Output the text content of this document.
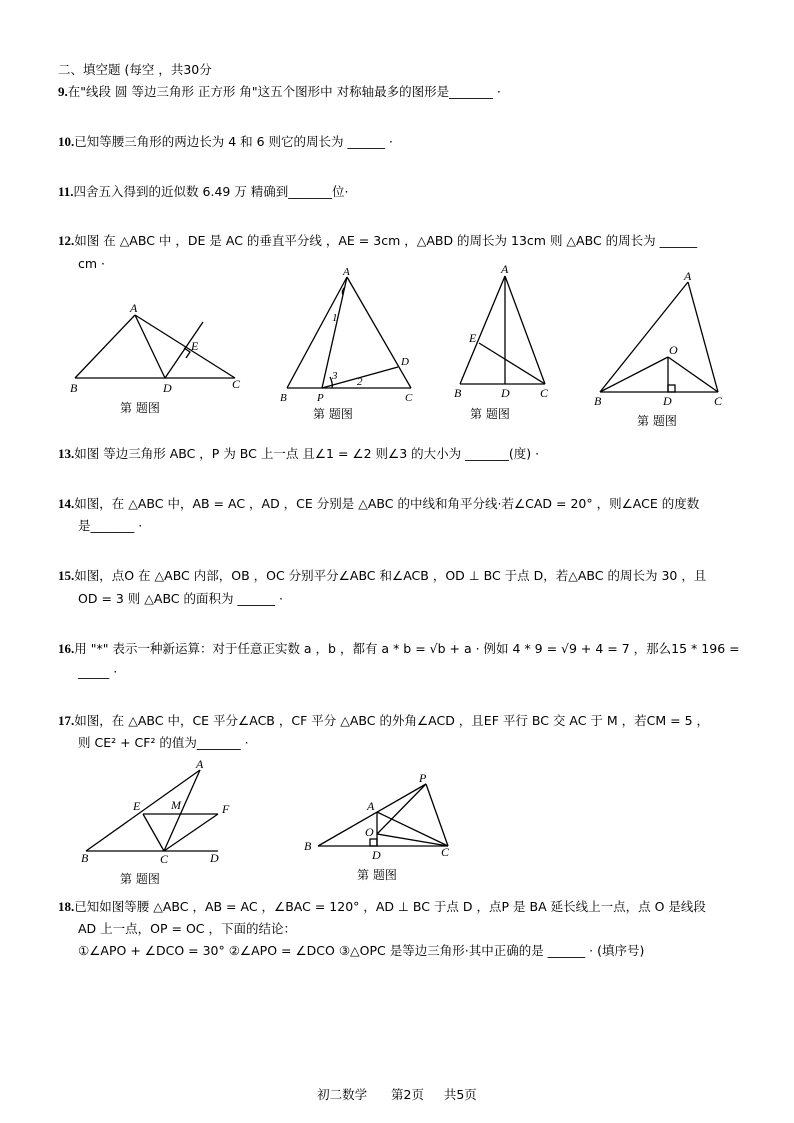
二、填空题 (每空 ，共30分
9.在"线段 圆 等边三角形 正方形 角"这五个图形中 对称轴最多的图形是_______ ·
10.已知等腰三角形的两边长为 4 和 6 则它的周长为 ______ ·
11.四舍五入得到的近似数 6.49 万 精确到_______位·
12.如图 在 △ABC 中 ，DE 是 AC 的垂直平分线 ，AE = 3cm ，△ABD 的周长为 13cm 则 △ABC 的周长为 ______
cm ·
A
B	C
D
E
第 题图
A
B	C
D
P
1
2
3
第 题图
A
B	C
D
E
第 题图
A
B	C
D
O
第 题图
13.如图 等边三角形 ABC ，P 为 BC 上一点 且∠1 = ∠2 则∠3 的大小为 _______(度) ·
14.如图，在 △ABC 中，AB = AC ，AD ，CE 分别是 △ABC 的中线和角平分线·若∠CAD = 20° ，则∠ACE 的度数
是_______ ·
15.如图，点O 在 △ABC 内部，OB ，OC 分别平分∠ABC 和∠ACB ，OD ⊥ BC 于点 D，若△ABC 的周长为 30 ，且
OD = 3 则 △ABC 的面积为 ______ ·
16.用 "*" 表示一种新运算：对于任意正实数 a ，b ，都有 a * b = √b + a · 例如 4 * 9 = √9 + 4 = 7 ，那么15 * 196 =
_____ ·
17.如图，在 △ABC 中，CE 平分∠ACB ，CF 平分 △ABC 的外角∠ACD ，且EF 平行 BC 交 AC 于 M ，若CM = 5 ，
则 CE² + CF² 的值为_______ ·
A
B	C	D
E	F
M
第 题图
A
B	C
D
O
P
第 题图
18.已知如图等腰 △ABC ，AB = AC ，∠BAC = 120° ，AD ⊥ BC 于点 D ，点P 是 BA 延长线上一点，点 O 是线段
AD 上一点，OP = OC ，下面的结论：
①∠APO + ∠DCO = 30° ②∠APO = ∠DCO ③△OPC 是等边三角形·其中正确的是 ______ · (填序号)
初二数学 第2页 共5页
